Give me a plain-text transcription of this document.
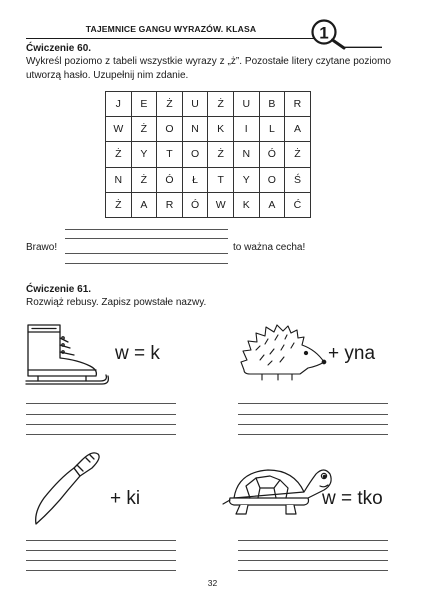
TAJEMNICE GANGU WYRAZÓW. KLASA	1
Ćwiczenie 60.
Wykreśl poziomo z tabeli wszystkie wyrazy z „ż”. Pozostałe litery czytane poziomo utworzą hasło. Uzupełnij nim zdanie.
J	E	Ż	U	Ż	U	B	R
W	Ż	O	N	K	I	L	A
Ż	Y	T	O	Ż	N	Ó	Ż
N	Ż	Ó	Ł	T	Y	O	Ś
Ż	A	R	Ó	W	K	A	Ć
Brawo!	to ważna cecha!
Ćwiczenie 61.
Rozwiąż rebusy. Zapisz powstałe nazwy.
w = k	+ yna
+ ki	w = tko
32
